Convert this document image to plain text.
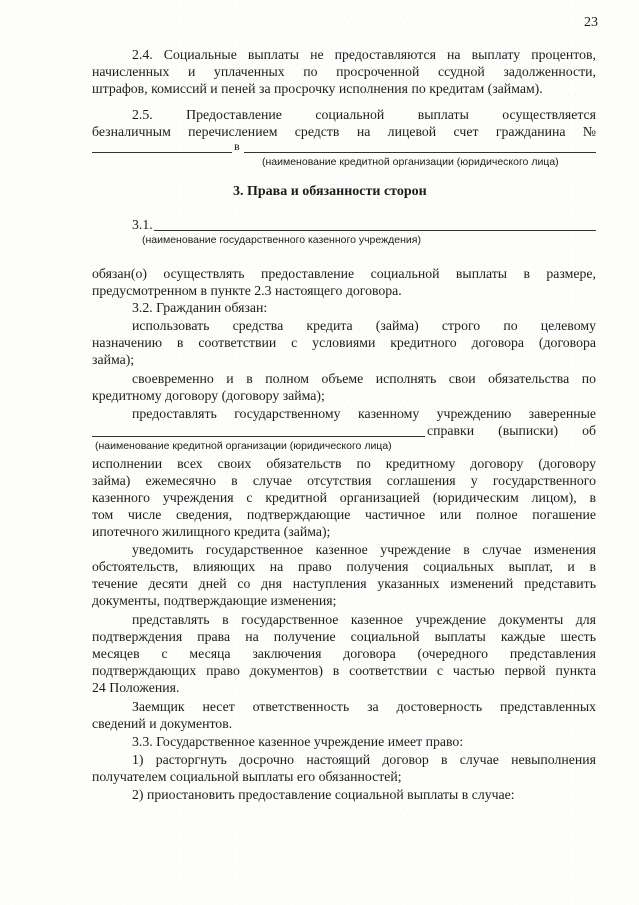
23
2.4. Социальные выплаты не предоставляются на выплату процентов,
начисленных и уплаченных по просроченной ссудной задолженности,
штрафов, комиссий и пеней за просрочку исполнения по кредитам (займам).
2.5. Предоставление социальной выплаты осуществляется
безналичным перечислением средств на лицевой счет гражданина №
в
(наименование кредитной организации (юридического лица)
3. Права и обязанности сторон
3.1.
(наименование государственного казенного учреждения)
обязан(о) осуществлять предоставление социальной выплаты в размере,
предусмотренном в пункте 2.3 настоящего договора.
3.2. Гражданин обязан:
использовать средства кредита (займа) строго по целевому
назначению в соответствии с условиями кредитного договора (договора
займа);
своевременно и в полном объеме исполнять свои обязательства по
кредитному договору (договору займа);
предоставлять государственному казенному учреждению заверенные
справки (выписки) об
(наименование кредитной организации (юридического лица)
исполнении всех своих обязательств по кредитному договору (договору
займа) ежемесячно в случае отсутствия соглашения у государственного
казенного учреждения с кредитной организацией (юридическим лицом), в
том числе сведения, подтверждающие частичное или полное погашение
ипотечного жилищного кредита (займа);
уведомить государственное казенное учреждение в случае изменения
обстоятельств, влияющих на право получения социальных выплат, и в
течение десяти дней со дня наступления указанных изменений представить
документы, подтверждающие изменения;
представлять в государственное казенное учреждение документы для
подтверждения права на получение социальной выплаты каждые шесть
месяцев с месяца заключения договора (очередного представления
подтверждающих право документов) в соответствии с частью первой пункта
24 Положения.
Заемщик несет ответственность за достоверность представленных
сведений и документов.
3.3. Государственное казенное учреждение имеет право:
1) расторгнуть досрочно настоящий договор в случае невыполнения
получателем социальной выплаты его обязанностей;
2) приостановить предоставление социальной выплаты в случае:
